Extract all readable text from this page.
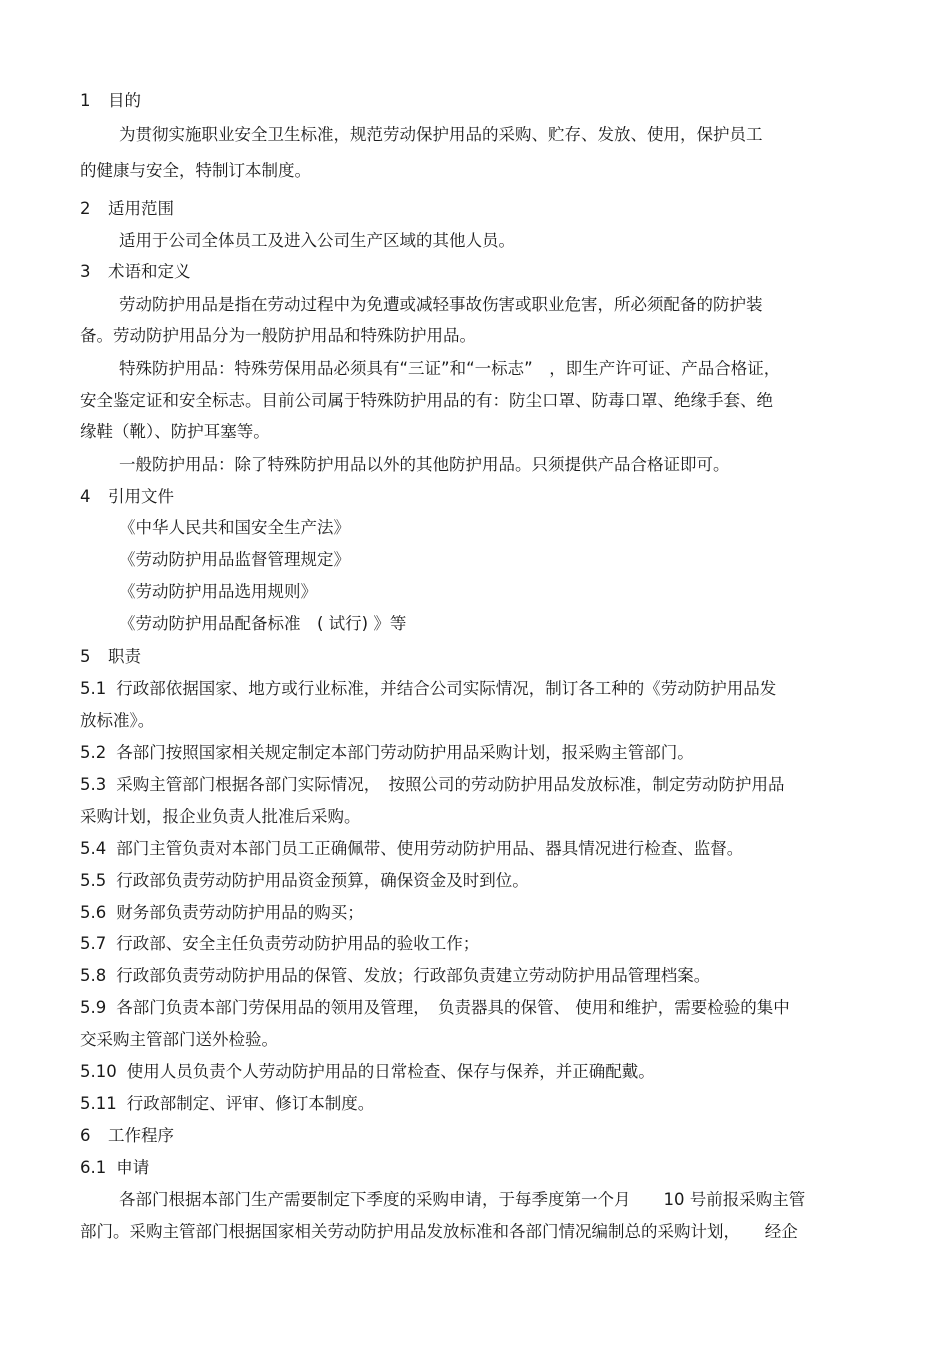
1 目的
为贯彻实施职业安全卫生标准，规范劳动保护用品的采购、贮存、发放、使用，保护员工
的健康与安全，特制订本制度。
2 适用范围
适用于公司全体员工及进入公司生产区域的其他人员。
3 术语和定义
劳动防护用品是指在劳动过程中为免遭或减轻事故伤害或职业危害，所必须配备的防护装
备。劳动防护用品分为一般防护用品和特殊防护用品。
特殊防护用品：特殊劳保用品必须具有“三证”和“一标志”　，即生产许可证、产品合格证，
安全鉴定证和安全标志。目前公司属于特殊防护用品的有：防尘口罩、防毒口罩、绝缘手套、绝
缘鞋（靴）、防护耳塞等。
一般防护用品：除了特殊防护用品以外的其他防护用品。只须提供产品合格证即可。
4 引用文件
《中华人民共和国安全生产法》
《劳动防护用品监督管理规定》
《劳动防护用品选用规则》
《劳动防护用品配备标准　( 试行) 》等
5 职责
5.1 行政部依据国家、地方或行业标准，并结合公司实际情况，制订各工种的《劳动防护用品发
放标准》。
5.2 各部门按照国家相关规定制定本部门劳动防护用品采购计划，报采购主管部门。
5.3 采购主管部门根据各部门实际情况，　按照公司的劳动防护用品发放标准，制定劳动防护用品
采购计划，报企业负责人批准后采购。
5.4 部门主管负责对本部门员工正确佩带、使用劳动防护用品、器具情况进行检查、监督。
5.5 行政部负责劳动防护用品资金预算，确保资金及时到位。
5.6 财务部负责劳动防护用品的购买；
5.7 行政部、安全主任负责劳动防护用品的验收工作；
5.8 行政部负责劳动防护用品的保管、发放；行政部负责建立劳动防护用品管理档案。
5.9 各部门负责本部门劳保用品的领用及管理，　负责器具的保管、 使用和维护，需要检验的集中
交采购主管部门送外检验。
5.10 使用人员负责个人劳动防护用品的日常检查、保存与保养，并正确配戴。
5.11 行政部制定、评审、修订本制度。
6 工作程序
6.1 申请
各部门根据本部门生产需要制定下季度的采购申请，于每季度第一个月　　10 号前报采购主管
部门。采购主管部门根据国家相关劳动防护用品发放标准和各部门情况编制总的采购计划，　　经企
